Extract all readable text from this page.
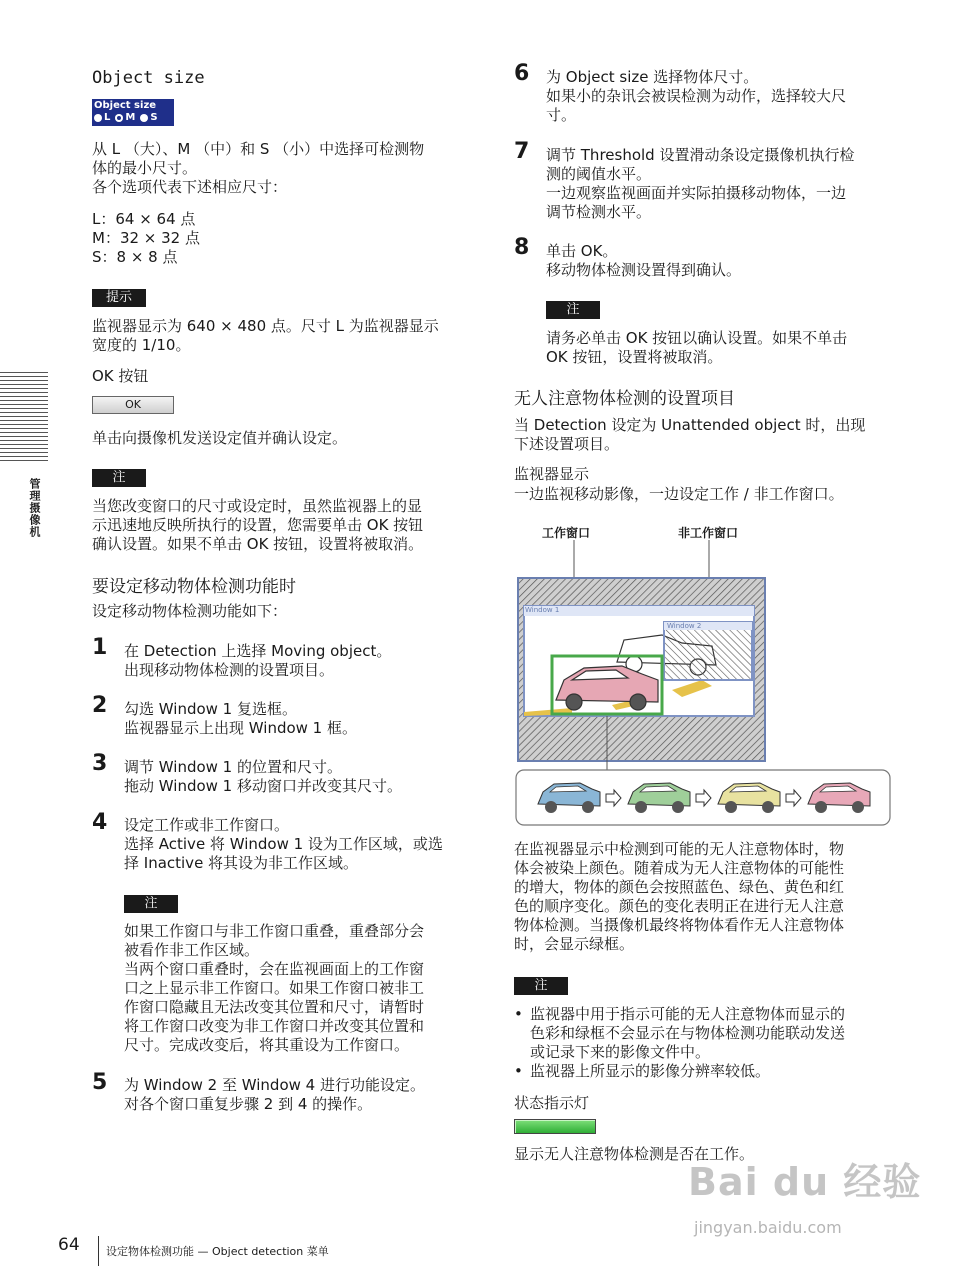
管理摄像机
Object size
Object size
L M S

从 L （大）、M （中）和 S （小）中选择可检测物

体的最小尺寸。

各个选项代表下述相应尺寸：

L：64 × 64 点

M：32 × 32 点

S：8 × 8 点

提示

监视器显示为 640 × 480 点。尺寸 L 为监视器显示

宽度的 1/10。

OK 按钮
OK

单击向摄像机发送设定值并确认设定。

注

当您改变窗口的尺寸或设定时，虽然监视器上的显

示迅速地反映所执行的设置，您需要单击 OK 按钮

确认设置。如果不单击 OK 按钮，设置将被取消。

要设定移动物体检测功能时

设定移动物体检测功能如下：

1 在 Detection 上选择 Moving object。

出现移动物体检测的设置项目。

2 勾选 Window 1 复选框。

监视器显示上出现 Window 1 框。

3 调节 Window 1 的位置和尺寸。

拖动 Window 1 移动窗口并改变其尺寸。

4 设定工作或非工作窗口。

选择 Active 将 Window 1 设为工作区域，或选

择 Inactive 将其设为非工作区域。

注

如果工作窗口与非工作窗口重叠，重叠部分会

被看作非工作区域。

当两个窗口重叠时，会在监视画面上的工作窗

口之上显示非工作窗口。如果工作窗口被非工

作窗口隐藏且无法改变其位置和尺寸，请暂时

将工作窗口改变为非工作窗口并改变其位置和

尺寸。完成改变后，将其重设为工作窗口。

5 为 Window 2 至 Window 4 进行功能设定。

对各个窗口重复步骤 2 到 4 的操作。

6 为 Object size 选择物体尺寸。

如果小的杂讯会被误检测为动作，选择较大尺

寸。

7 调节 Threshold 设置滑动条设定摄像机执行检

测的阈值水平。

一边观察监视画面并实际拍摄移动物体，一边

调节检测水平。

8 单击 OK。

移动物体检测设置得到确认。

注

请务必单击 OK 按钮以确认设置。如果不单击

OK 按钮，设置将被取消。

无人注意物体检测的设置项目

当 Detection 设定为 Unattended object 时，出现

下述设置项目。

监视器显示

一边监视移动影像，一边设定工作 / 非工作窗口。

工作窗口	非工作窗口
Window 1
Window 2

在监视器显示中检测到可能的无人注意物体时，物

体会被染上颜色。随着成为无人注意物体的可能性

的增大，物体的颜色会按照蓝色、绿色、黄色和红

色的顺序变化。颜色的变化表明正在进行无人注意

物体检测。当摄像机最终将物体看作无人注意物体

时，会显示绿框。

注
• 监视器中用于指示可能的无人注意物体而显示的

色彩和绿框不会显示在与物体检测功能联动发送

或记录下来的影像文件中。

• 监视器上所显示的影像分辨率较低。

状态指示灯

显示无人注意物体检测是否在工作。

64 设定物体检测功能 — Object detection 菜单
Bai du 经验
jingyan.baidu.com
